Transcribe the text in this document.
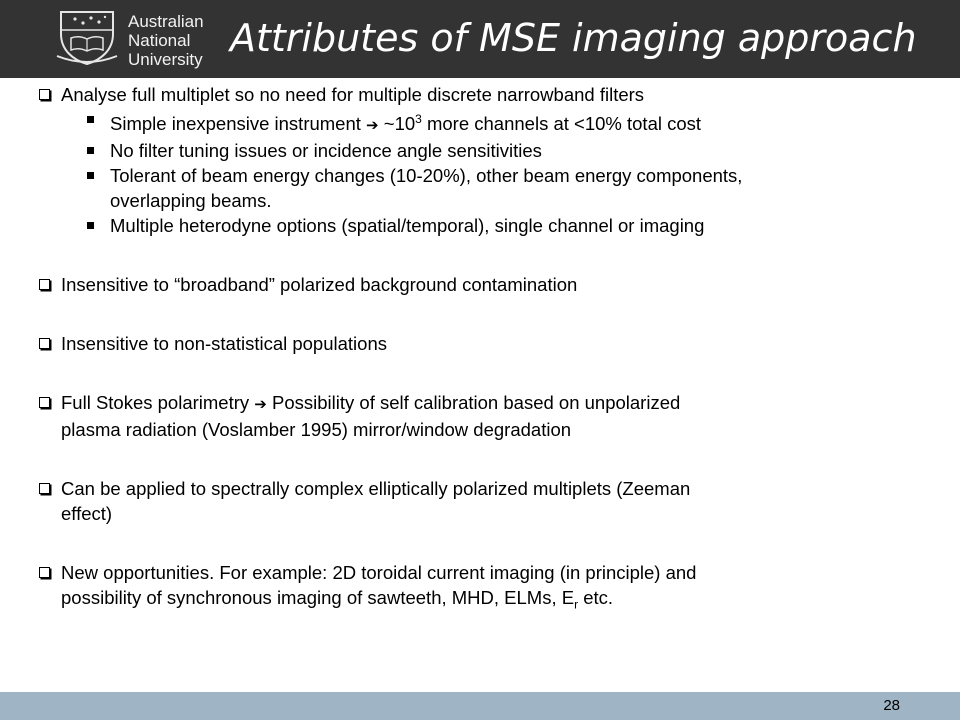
Australian
National
University Attributes of MSE imaging approach
Analyse full multiplet so no need for multiple discrete narrowband filters
Simple inexpensive instrument ➔ $\sim 10^3$ more channels at <10% total cost
No filter tuning issues or incidence angle sensitivities
Tolerant of beam energy changes (10-20%), other beam energy components,
overlapping beams.
Multiple heterodyne options (spatial/temporal), single channel or imaging
Insensitive to “broadband” polarized background contamination
Insensitive to non-statistical populations
Full Stokes polarimetry ➔ Possibility of self calibration based on unpolarized
plasma radiation (Voslamber 1995) mirror/window degradation
Can be applied to spectrally complex elliptically polarized multiplets (Zeeman
effect)
New opportunities. For example: 2D toroidal current imaging (in principle) and
possibility of synchronous imaging of sawteeth, MHD, ELMs, $E_r$ etc.
28
